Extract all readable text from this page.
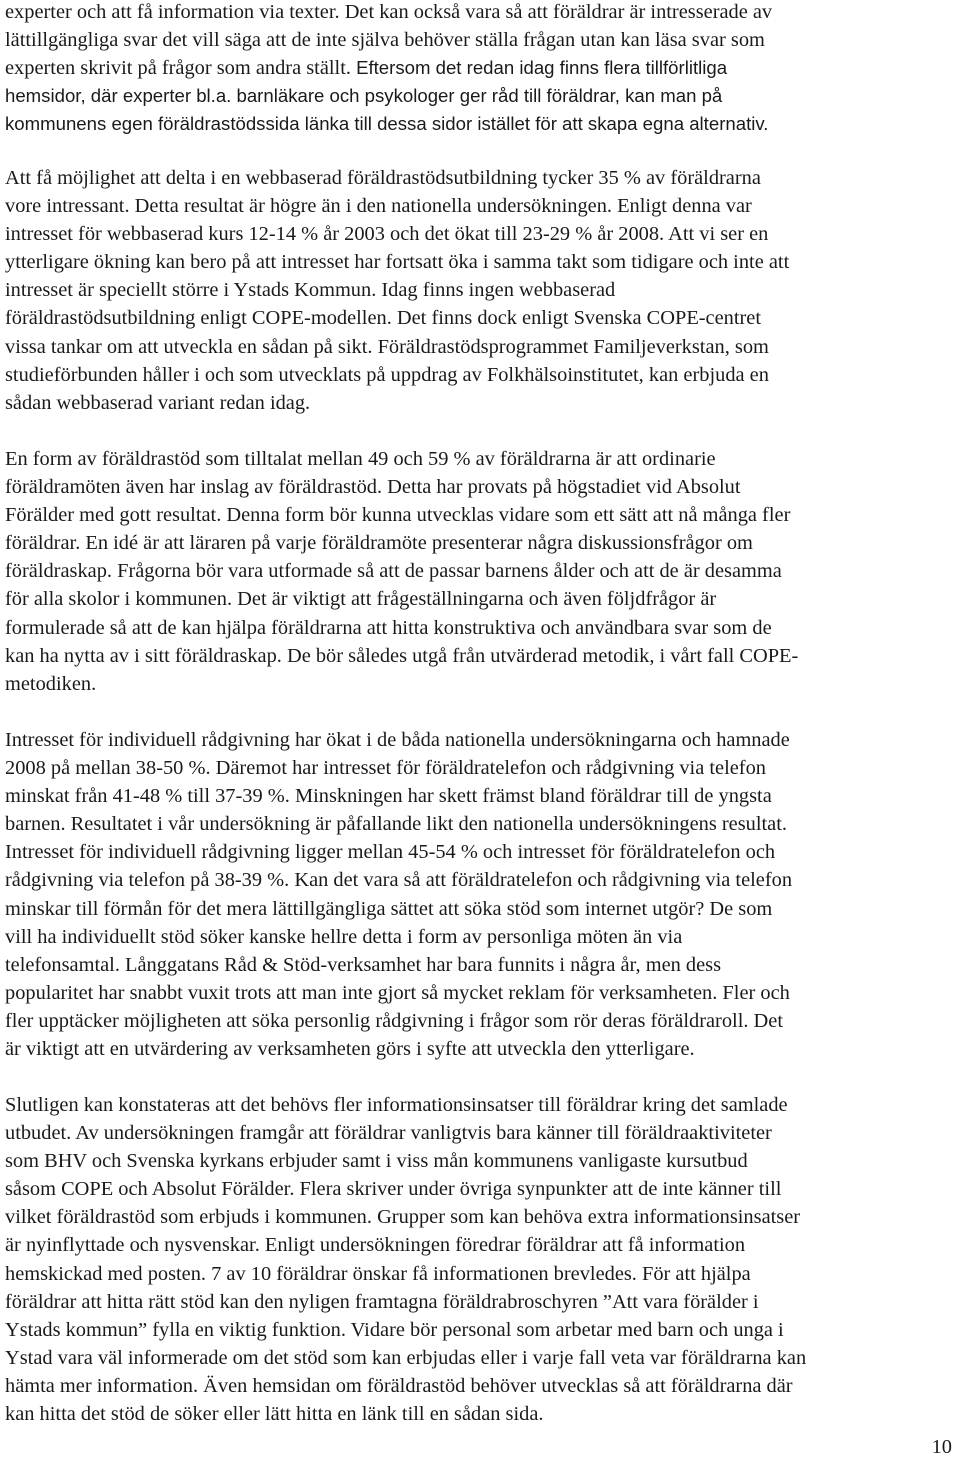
experter och att få information via texter. Det kan också vara så att föräldrar är intresserade av
lättillgängliga svar det vill säga att de inte själva behöver ställa frågan utan kan läsa svar som
experten skrivit på frågor som andra ställt. Eftersom det redan idag finns flera tillförlitliga
hemsidor, där experter bl.a. barnläkare och psykologer ger råd till föräldrar, kan man på
kommunens egen föräldrastödssida länka till dessa sidor istället för att skapa egna alternativ.
Att få möjlighet att delta i en webbaserad föräldrastödsutbildning tycker 35 % av föräldrarna
vore intressant. Detta resultat är högre än i den nationella undersökningen. Enligt denna var
intresset för webbaserad kurs 12-14 % år 2003 och det ökat till 23-29 % år 2008. Att vi ser en
ytterligare ökning kan bero på att intresset har fortsatt öka i samma takt som tidigare och inte att
intresset är speciellt större i Ystads Kommun. Idag finns ingen webbaserad
föräldrastödsutbildning enligt COPE-modellen. Det finns dock enligt Svenska COPE-centret
vissa tankar om att utveckla en sådan på sikt. Föräldrastödsprogrammet Familjeverkstan, som
studieförbunden håller i och som utvecklats på uppdrag av Folkhälsoinstitutet, kan erbjuda en
sådan webbaserad variant redan idag.
En form av föräldrastöd som tilltalat mellan 49 och 59 % av föräldrarna är att ordinarie
föräldramöten även har inslag av föräldrastöd. Detta har provats på högstadiet vid Absolut
Förälder med gott resultat. Denna form bör kunna utvecklas vidare som ett sätt att nå många fler
föräldrar. En idé är att läraren på varje föräldramöte presenterar några diskussionsfrågor om
föräldraskap. Frågorna bör vara utformade så att de passar barnens ålder och att de är desamma
för alla skolor i kommunen. Det är viktigt att frågeställningarna och även följdfrågor är
formulerade så att de kan hjälpa föräldrarna att hitta konstruktiva och användbara svar som de
kan ha nytta av i sitt föräldraskap. De bör således utgå från utvärderad metodik, i vårt fall COPE-
metodiken.
Intresset för individuell rådgivning har ökat i de båda nationella undersökningarna och hamnade
2008 på mellan 38-50 %. Däremot har intresset för föräldratelefon och rådgivning via telefon
minskat från 41-48 % till 37-39 %. Minskningen har skett främst bland föräldrar till de yngsta
barnen. Resultatet i vår undersökning är påfallande likt den nationella undersökningens resultat.
Intresset för individuell rådgivning ligger mellan 45-54 % och intresset för föräldratelefon och
rådgivning via telefon på 38-39 %. Kan det vara så att föräldratelefon och rådgivning via telefon
minskar till förmån för det mera lättillgängliga sättet att söka stöd som internet utgör? De som
vill ha individuellt stöd söker kanske hellre detta i form av personliga möten än via
telefonsamtal. Långgatans Råd & Stöd-verksamhet har bara funnits i några år, men dess
popularitet har snabbt vuxit trots att man inte gjort så mycket reklam för verksamheten. Fler och
fler upptäcker möjligheten att söka personlig rådgivning i frågor som rör deras föräldraroll. Det
är viktigt att en utvärdering av verksamheten görs i syfte att utveckla den ytterligare.
Slutligen kan konstateras att det behövs fler informationsinsatser till föräldrar kring det samlade
utbudet. Av undersökningen framgår att föräldrar vanligtvis bara känner till föräldraaktiviteter
som BHV och Svenska kyrkans erbjuder samt i viss mån kommunens vanligaste kursutbud
såsom COPE och Absolut Förälder. Flera skriver under övriga synpunkter att de inte känner till
vilket föräldrastöd som erbjuds i kommunen. Grupper som kan behöva extra informationsinsatser
är nyinflyttade och nysvenskar. Enligt undersökningen föredrar föräldrar att få information
hemskickad med posten. 7 av 10 föräldrar önskar få informationen brevledes. För att hjälpa
föräldrar att hitta rätt stöd kan den nyligen framtagna föräldrabroschyren ”Att vara förälder i
Ystads kommun” fylla en viktig funktion. Vidare bör personal som arbetar med barn och unga i
Ystad vara väl informerade om det stöd som kan erbjudas eller i varje fall veta var föräldrarna kan
hämta mer information. Även hemsidan om föräldrastöd behöver utvecklas så att föräldrarna där
kan hitta det stöd de söker eller lätt hitta en länk till en sådan sida.
10
